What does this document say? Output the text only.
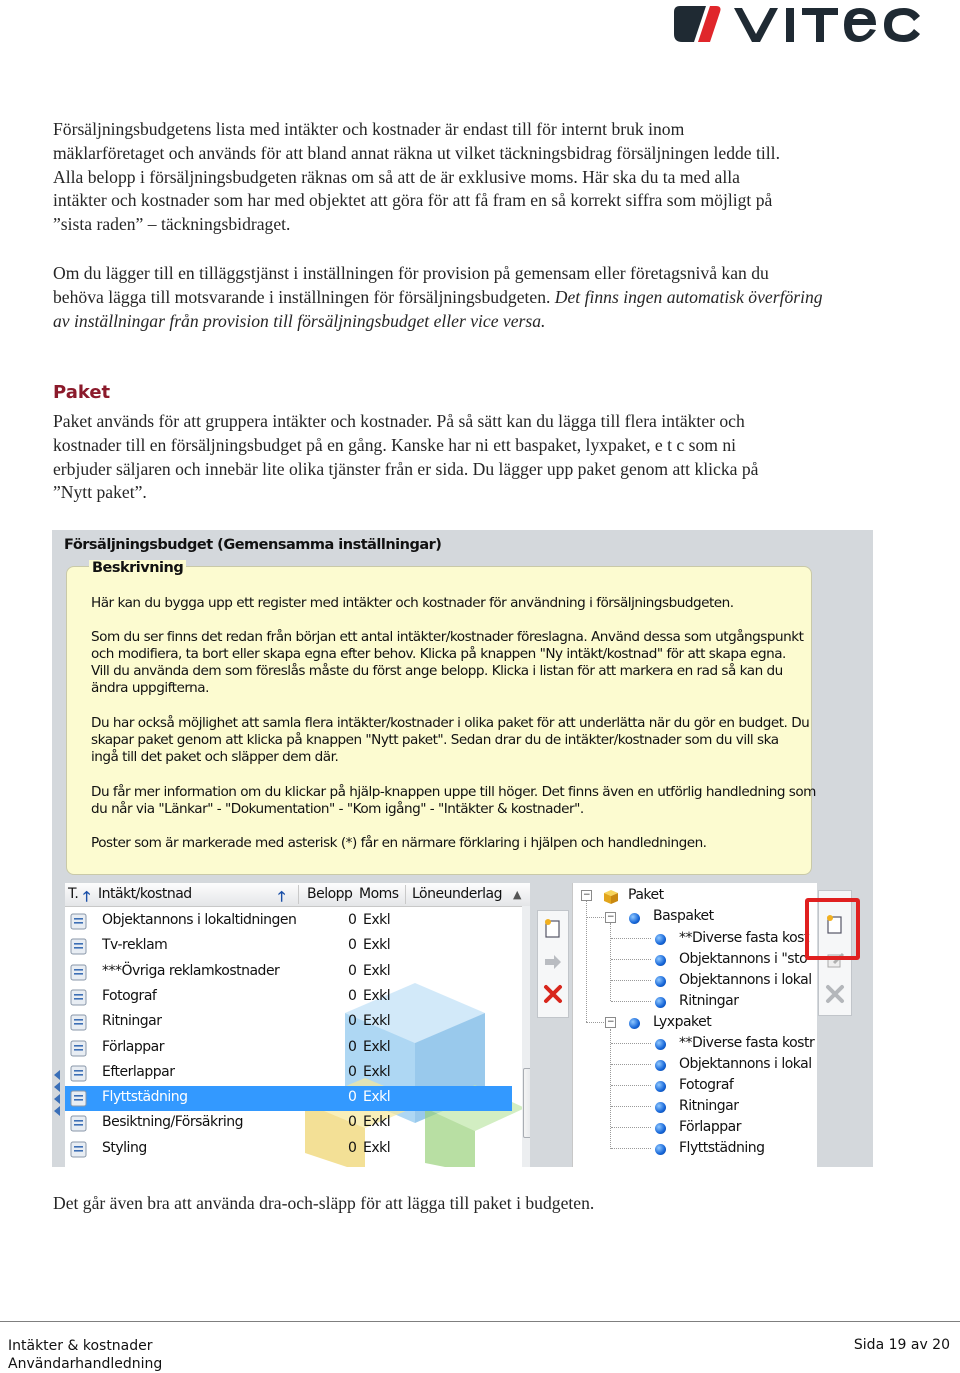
Försäljningsbudgetens lista med intäkter och kostnader är endast till för internt bruk inom
mäklarföretaget och används för att bland annat räkna ut vilket täckningsbidrag försäljningen ledde till.
Alla belopp i försäljningsbudgeten räknas om så att de är exklusive moms. Här ska du ta med alla
intäkter och kostnader som har med objektet att göra för att få fram en så korrekt siffra som möjligt på
”sista raden” – täckningsbidraget.

Om du lägger till en tilläggstjänst i inställningen för provision på gemensam eller företagsnivå kan du
behöva lägga till motsvarande i inställningen för försäljningsbudgeten. Det finns ingen automatisk överföring
av inställningar från provision till försäljningsbudget eller vice versa.

Paket

Paket används för att gruppera intäkter och kostnader. På så sätt kan du lägga till flera intäkter och
kostnader till en försäljningsbudget på en gång. Kanske har ni ett baspaket, lyxpaket, e t c som ni
erbjuder säljaren och innebär lite olika tjänster från er sida. Du lägger upp paket genom att klicka på
”Nytt paket”.

Försäljningsbudget (Gemensamma inställningar)
Beskrivning
Här kan du bygga upp ett register med intäkter och kostnader för användning i försäljningsbudgeten.
Som du ser finns det redan från början ett antal intäkter/kostnader föreslagna. Använd dessa som utgångspunkt
och modifiera, ta bort eller skapa egna efter behov. Klicka på knappen "Ny intäkt/kostnad" för att skapa egna.
Vill du använda dem som föreslås måste du först ange belopp. Klicka i listan för att markera en rad så kan du
ändra uppgifterna.
Du har också möjlighet att samla flera intäkter/kostnader i olika paket för att underlätta när du gör en budget. Du
skapar paket genom att klicka på knappen "Nytt paket". Sedan drar du de intäkter/kostnader som du vill ska
ingå till det paket och släpper dem där.
Du får mer information om du klickar på hjälp-knappen uppe till höger. Det finns även en utförlig handledning som
du når via "Länkar" - "Dokumentation" - "Kom igång" - "Intäkter & kostnader".
Poster som är markerade med asterisk (*) får en närmare förklaring i hjälpen och handledningen.
T. 🡑 Intäkt/kostnad	🡑 Belopp Moms Löneunderlag ▲
Objektannons i lokaltidningen	0 Exkl
Tv-reklam	0 Exkl
***Övriga reklamkostnader	0 Exkl
Fotograf	0 Exkl
Ritningar	0 Exkl
Förlappar	0 Exkl
Efterlappar	0 Exkl
Flyttstädning	0 Exkl
Besiktning/Försäkring	0 Exkl
Styling	0 Exkl
−	Paket
−	Baspaket
**Diverse fasta kost
Objektannons i "sto
Objektannons i lokal
Ritningar
−	Lyxpaket
**Diverse fasta kostr
Objektannons i lokal
Fotograf
Ritningar
Förlappar
Flyttstädning

Det går även bra att använda dra-och-släpp för att lägga till paket i budgeten.

Intäkter & kostnader
Användarhandledning
Sida 19 av 20
